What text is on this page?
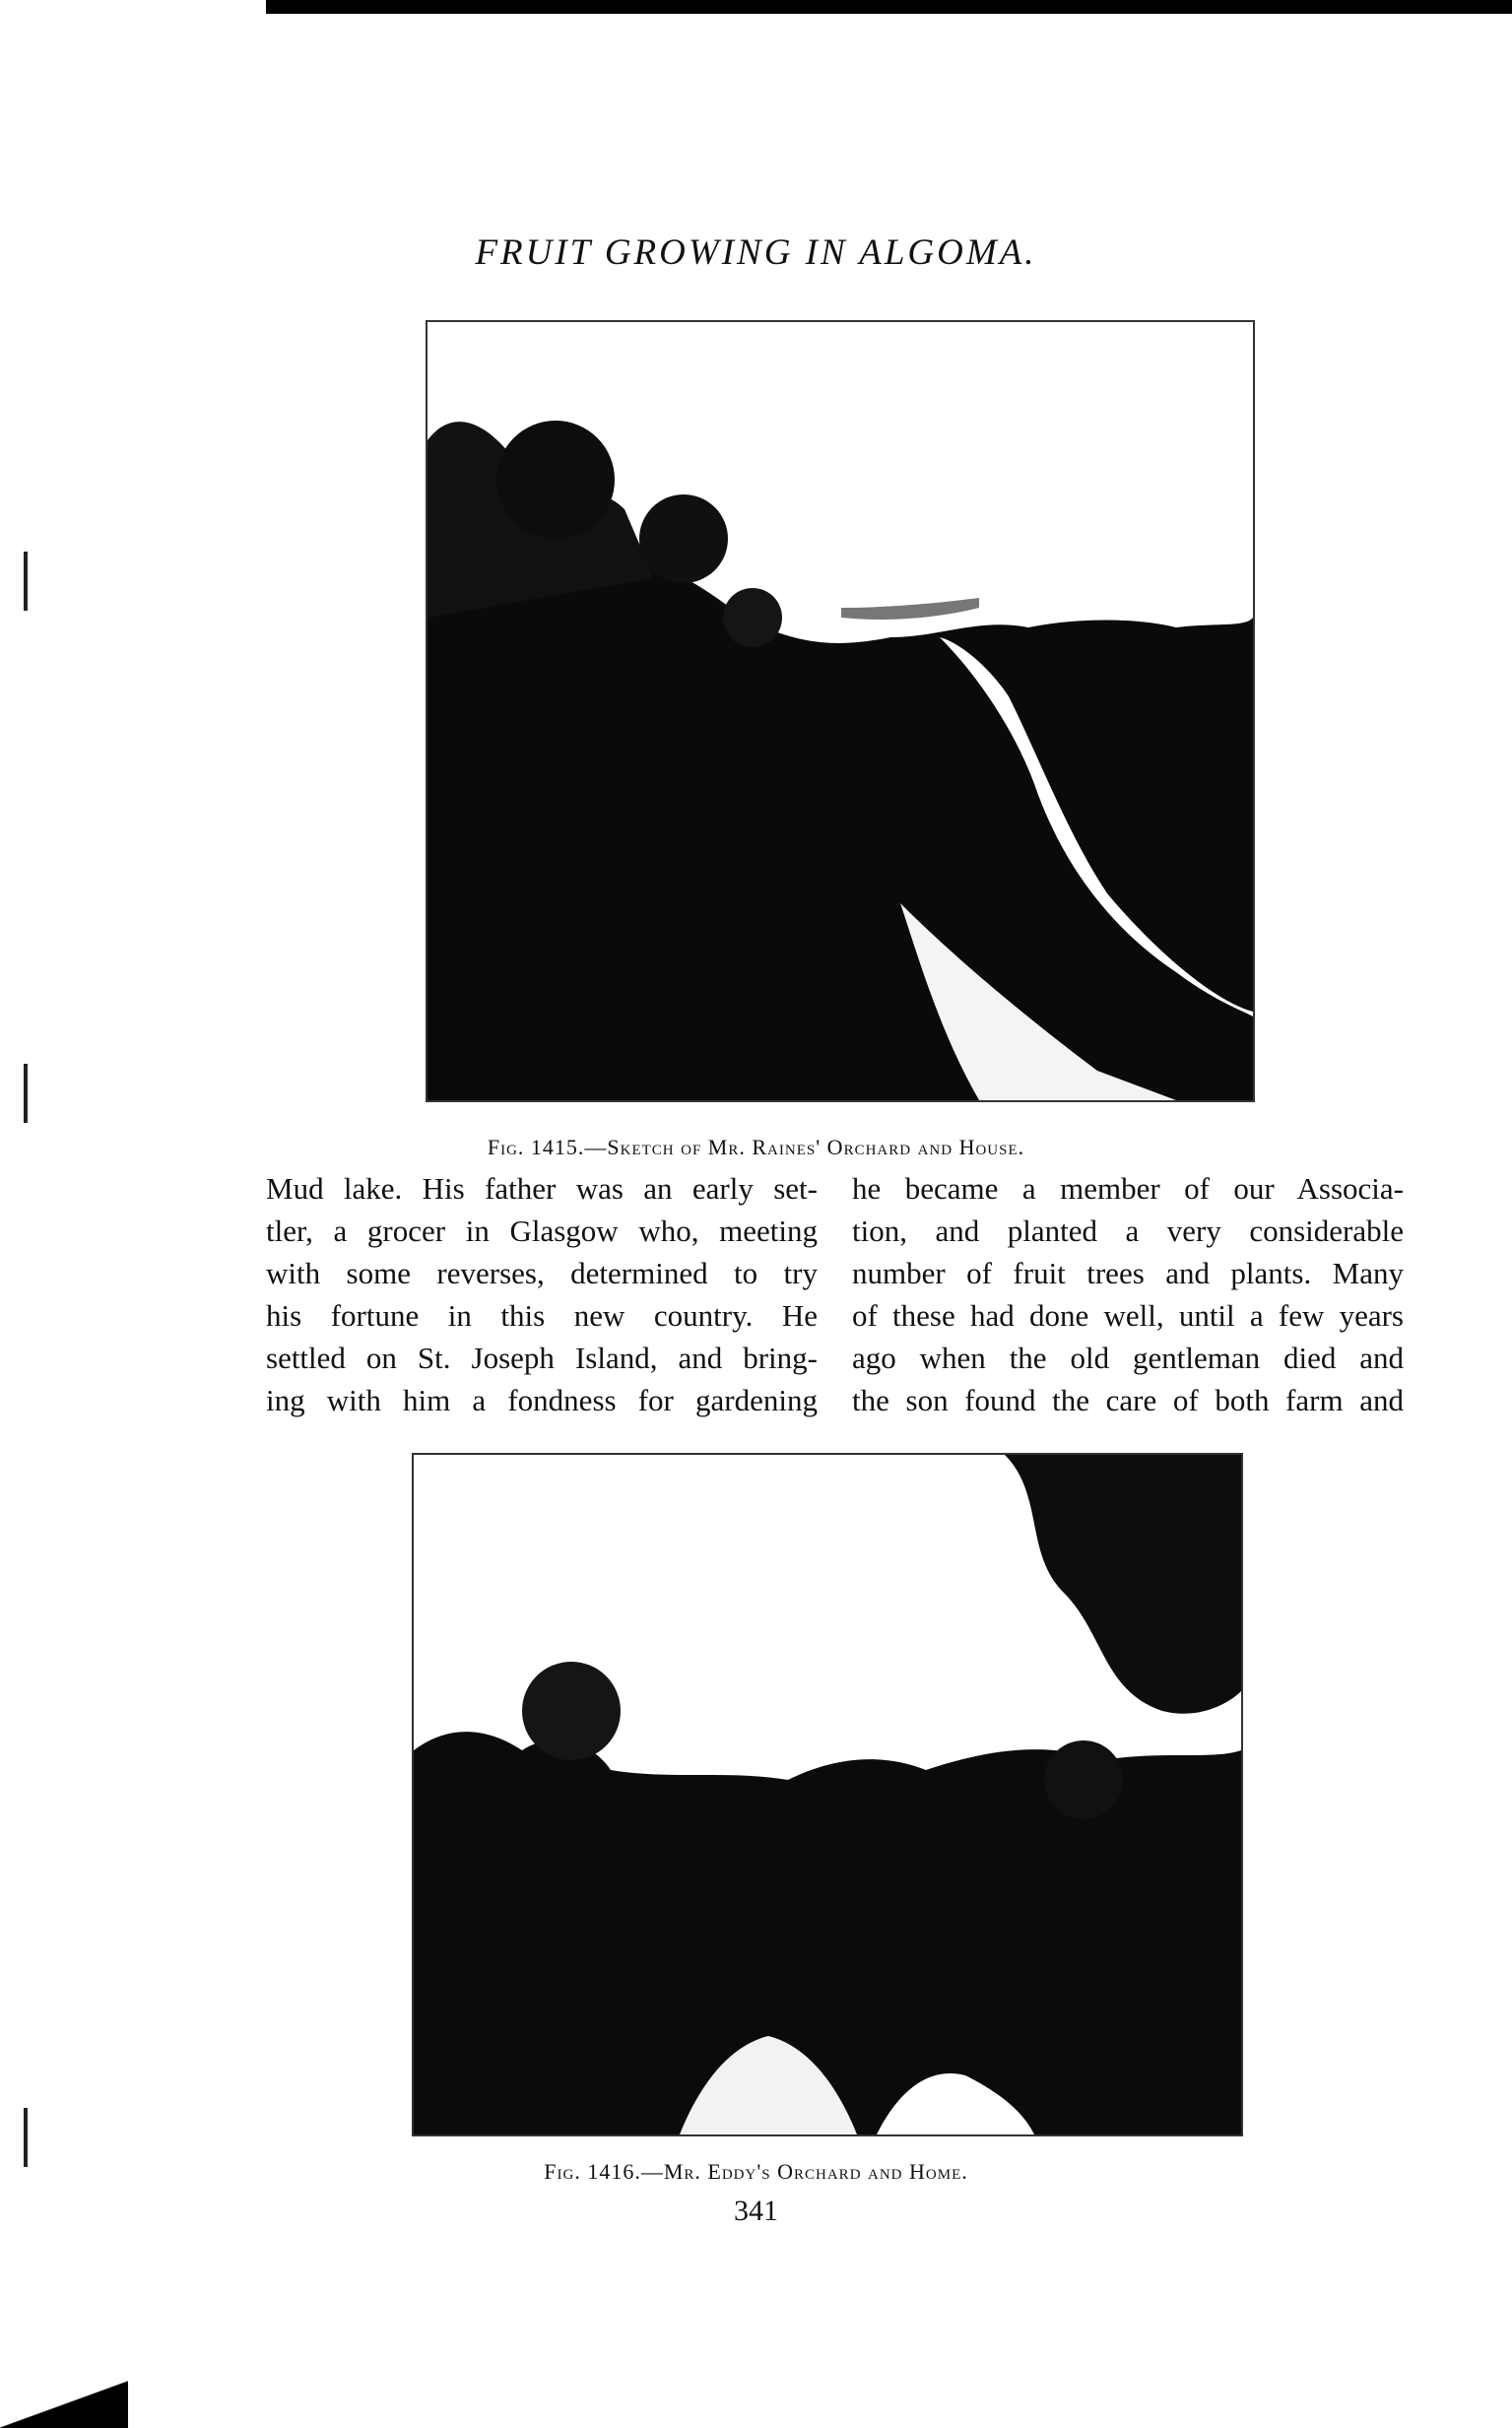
FRUIT GROWING IN ALGOMA.
Fig. 1415.—Sketch of Mr. Raines' Orchard and House.
Mud lake. His father was an early set-
tler, a grocer in Glasgow who, meeting
with some reverses, determined to try
his fortune in this new country. He
settled on St. Joseph Island, and bring-
ing with him a fondness for gardening
he became a member of our Associa-
tion, and planted a very considerable
number of fruit trees and plants. Many
of these had done well, until a few years
ago when the old gentleman died and
the son found the care of both farm and
Fig. 1416.—Mr. Eddy's Orchard and Home.
341
